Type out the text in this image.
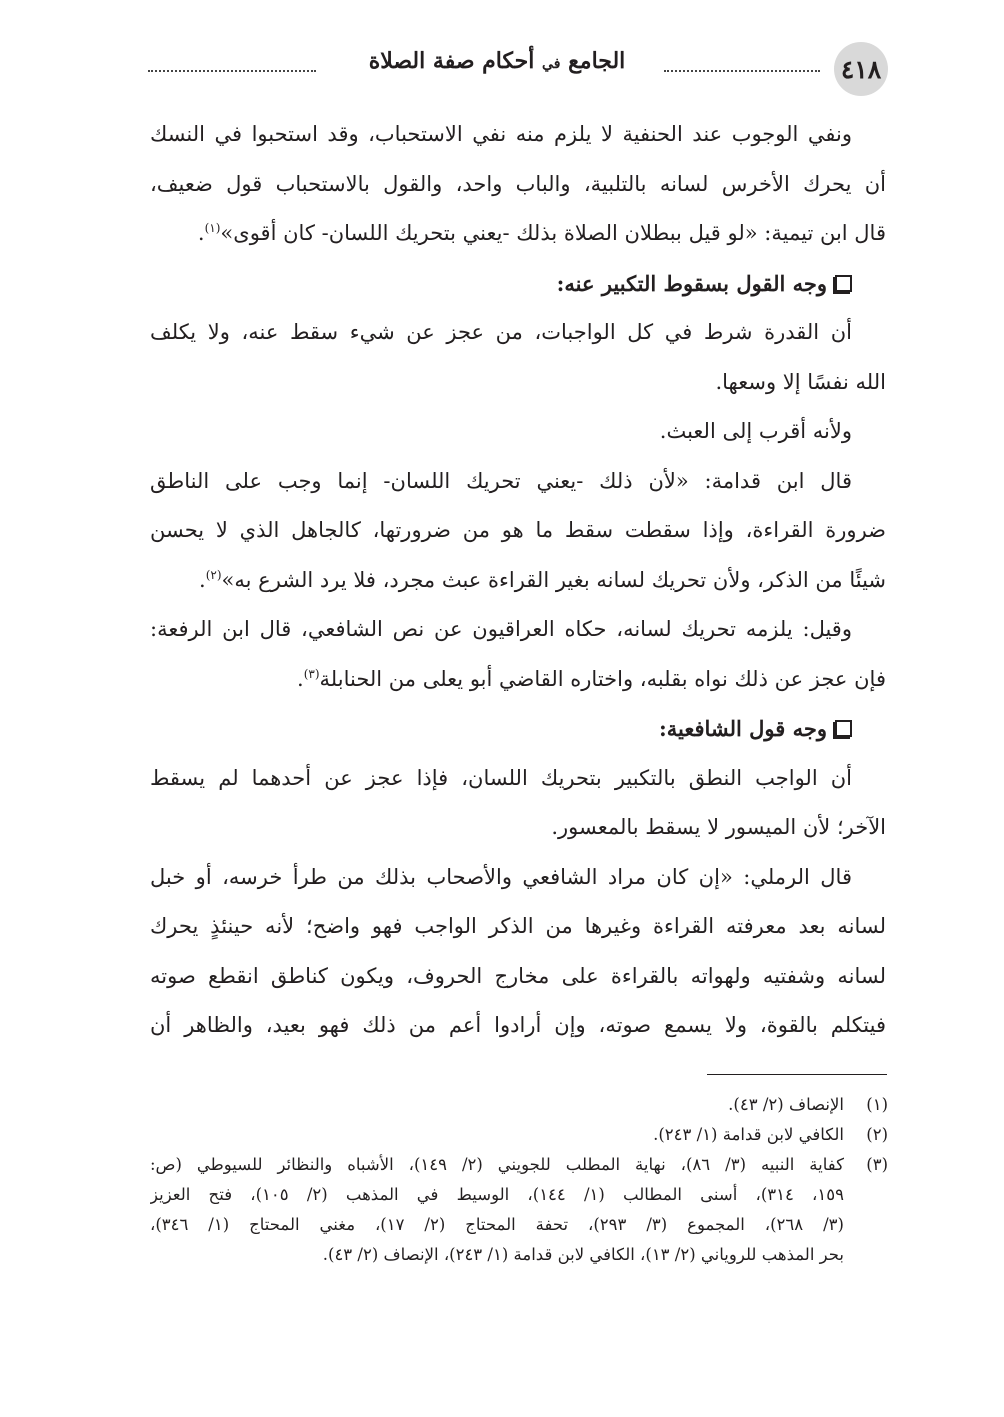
٤١٨
الجامع في أحكام صفة الصلاة
ونفي الوجوب عند الحنفية لا يلزم منه نفي الاستحباب، وقد استحبوا في النسك
أن يحرك الأخرس لسانه بالتلبية، والباب واحد، والقول بالاستحباب قول ضعيف،
قال ابن تيمية: «لو قيل ببطلان الصلاة بذلك -يعني بتحريك اللسان- كان أقوى»$^{(١)}$.
وجه القول بسقوط التكبير عنه:
أن القدرة شرط في كل الواجبات، من عجز عن شيء سقط عنه، ولا يكلف
الله نفسًا إلا وسعها.
ولأنه أقرب إلى العبث.
قال ابن قدامة: «لأن ذلك -يعني تحريك اللسان- إنما وجب على الناطق
ضرورة القراءة، وإذا سقطت سقط ما هو من ضرورتها، كالجاهل الذي لا يحسن
شيئًا من الذكر، ولأن تحريك لسانه بغير القراءة عبث مجرد، فلا يرد الشرع به»$^{(٢)}$.
وقيل: يلزمه تحريك لسانه، حكاه العراقيون عن نص الشافعي، قال ابن الرفعة:
فإن عجز عن ذلك نواه بقلبه، واختاره القاضي أبو يعلى من الحنابلة$^{(٣)}$.
وجه قول الشافعية:
أن الواجب النطق بالتكبير بتحريك اللسان، فإذا عجز عن أحدهما لم يسقط
الآخر؛ لأن الميسور لا يسقط بالمعسور.
قال الرملي: «إن كان مراد الشافعي والأصحاب بذلك من طرأ خرسه، أو خبل
لسانه بعد معرفته القراءة وغيرها من الذكر الواجب فهو واضح؛ لأنه حينئذٍ يحرك
لسانه وشفتيه ولهواته بالقراءة على مخارج الحروف، ويكون كناطق انقطع صوته
فيتكلم بالقوة، ولا يسمع صوته، وإن أرادوا أعم من ذلك فهو بعيد، والظاهر أن
(١)
الإنصاف (٢/ ٤٣).
(٢)
الكافي لابن قدامة (١/ ٢٤٣).
(٣)
كفاية النبيه (٣/ ٨٦)، نهاية المطلب للجويني (٢/ ١٤٩)، الأشباه والنظائر للسيوطي (ص:
١٥٩، ٣١٤)، أسنى المطالب (١/ ١٤٤)، الوسيط في المذهب (٢/ ١٠٥)، فتح العزيز
(٣/ ٢٦٨)، المجموع (٣/ ٢٩٣)، تحفة المحتاج (٢/ ١٧)، مغني المحتاج (١/ ٣٤٦)،
بحر المذهب للروياني (٢/ ١٣)، الكافي لابن قدامة (١/ ٢٤٣)، الإنصاف (٢/ ٤٣).
